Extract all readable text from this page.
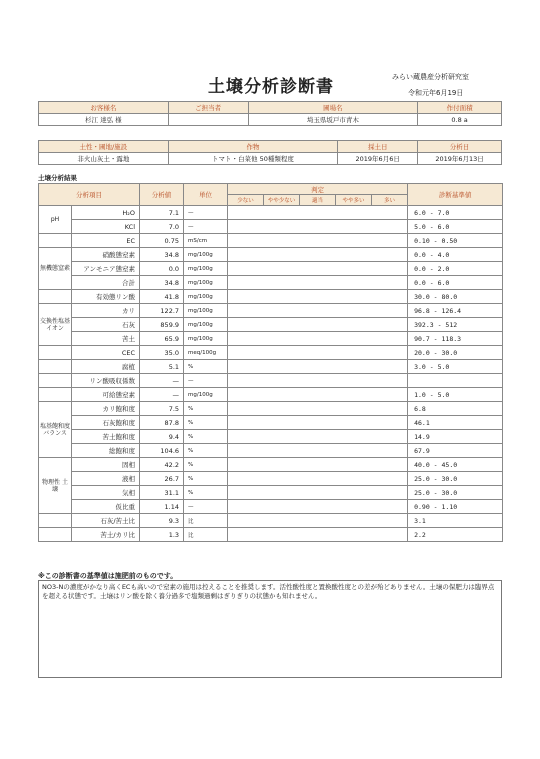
土壌分析診断書	みらい蔵農産分析研究室
令和元年6月19日
お客様名	ご担当者	圃場名	作付面積
杉江 達弘 様		埼玉県坂戸市青木	0.8 a
土性・圃地/施設	作物	採土日	分析日
非火山灰土・露地	トマト・白菜他 50種類程度	2019年6月6日	2019年6月13日
土壌分析結果
分析項目		分析値	単位	判定					診断基準値
				少ない	やや少ない	適当	やや多い	多い	
pH	H₂O	7.1	—						6.0 - 7.0
	KCl	7.0	—						5.0 - 6.0
	EC	0.75	mS/cm						0.10 - 0.50
無機態窒素	硝酸態窒素	34.8	mg/100g						0.0 - 4.0
	アンモニア態窒素	0.0	mg/100g						0.0 - 2.0
	合計	34.8	mg/100g						0.0 - 6.0
	有効態リン酸	41.8	mg/100g						30.0 - 80.0
交換性塩基イオン	カリ	122.7	mg/100g						96.8 - 126.4
	石灰	859.9	mg/100g						392.3 - 512
	苦土	65.9	mg/100g						90.7 - 118.3
	CEC	35.0	meq/100g						20.0 - 30.0
	腐植	5.1	%						3.0 - 5.0
	リン酸吸収係数	—	—					

	可給態窒素	—	mg/100g						1.0 - 5.0
塩基飽和度バランス	カリ飽和度	7.5	%						6.8
	石灰飽和度	87.8	%						46.1
	苦土飽和度	9.4	%						14.9
	総飽和度	104.6	%						67.9
物理性 土壌	固相	42.2	%						40.0 - 45.0
	液相	26.7	%						25.0 - 30.0
	気相	31.1	%						25.0 - 30.0
	仮比重	1.14	—						0.90 - 1.10
	石灰/苦土比	9.3	比						3.1
	苦土/カリ比	1.3	比						2.2
※この診断書の基準値は施肥前のものです。
NO3-Nの濃度がかなり高くECも高いので窒素の施用は控えることを推奨します。活性酸性度と置換酸性度との差が殆どありません。土壌の保肥力は臨界点を超える状態です。土壌はリン酸を除く養分過多で塩類過剰はぎりぎりの状態かも知れません。
